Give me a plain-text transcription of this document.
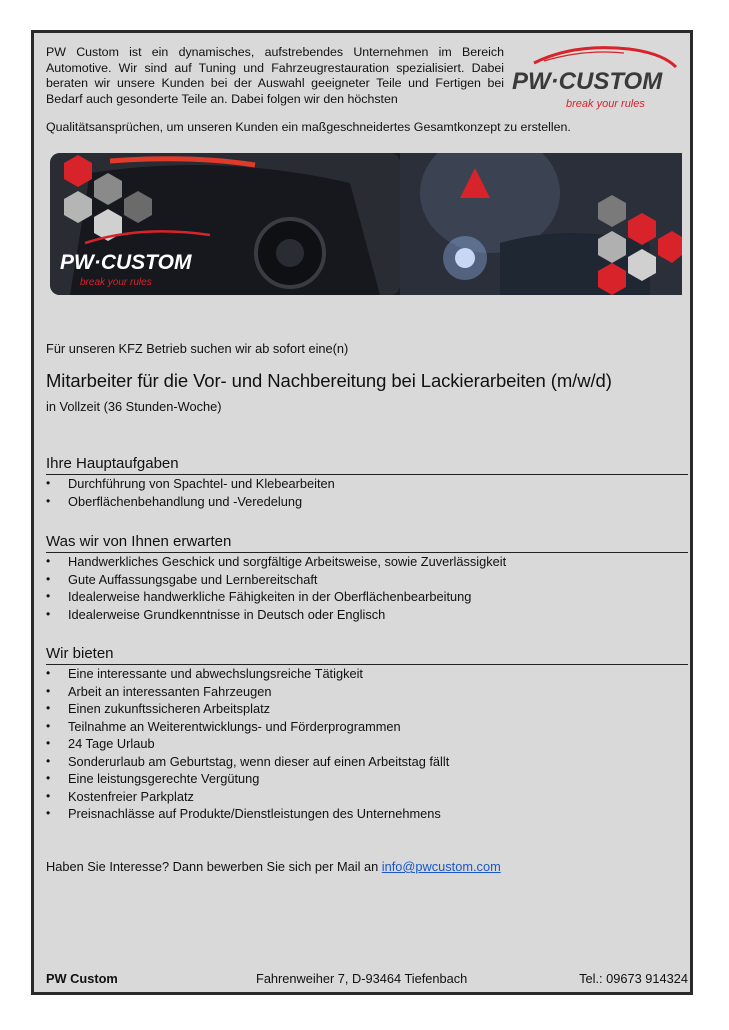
PW Custom ist ein dynamisches, aufstrebendes Unternehmen im Bereich Automotive. Wir sind auf Tuning und Fahrzeugrestauration spezialisiert. Dabei beraten wir unsere Kunden bei der Auswahl geeigneter Teile und Fertigen bei Bedarf auch gesonderte Teile an. Dabei folgen wir den höchsten

Qualitätsansprüchen, um unseren Kunden ein maßgeschneidertes Gesamtkonzept zu erstellen.

PW·CUSTOM
break your rules
PW·CUSTOM
break your rules

Für unseren KFZ Betrieb suchen wir ab sofort eine(n)

Mitarbeiter für die Vor- und Nachbereitung bei Lackierarbeiten (m/w/d)

in Vollzeit (36 Stunden-Woche)

Ihre Hauptaufgaben
• Durchführung von Spachtel- und Klebearbeiten
• Oberflächenbehandlung und -Veredelung
Was wir von Ihnen erwarten
• Handwerkliches Geschick und sorgfältige Arbeitsweise, sowie Zuverlässigkeit
• Gute Auffassungsgabe und Lernbereitschaft
• Idealerweise handwerkliche Fähigkeiten in der Oberflächenbearbeitung
• Idealerweise Grundkenntnisse in Deutsch oder Englisch
Wir bieten
• Eine interessante und abwechslungsreiche Tätigkeit
• Arbeit an interessanten Fahrzeugen
• Einen zukunftssicheren Arbeitsplatz
• Teilnahme an Weiterentwicklungs- und Förderprogrammen
• 24 Tage Urlaub
• Sonderurlaub am Geburtstag, wenn dieser auf einen Arbeitstag fällt
• Eine leistungsgerechte Vergütung
• Kostenfreier Parkplatz
• Preisnachlässe auf Produkte/Dienstleistungen des Unternehmens

Haben Sie Interesse? Dann bewerben Sie sich per Mail an info@pwcustom.com

PW Custom	Fahrenweiher 7, D-93464 Tiefenbach	Tel.: 09673 914324
